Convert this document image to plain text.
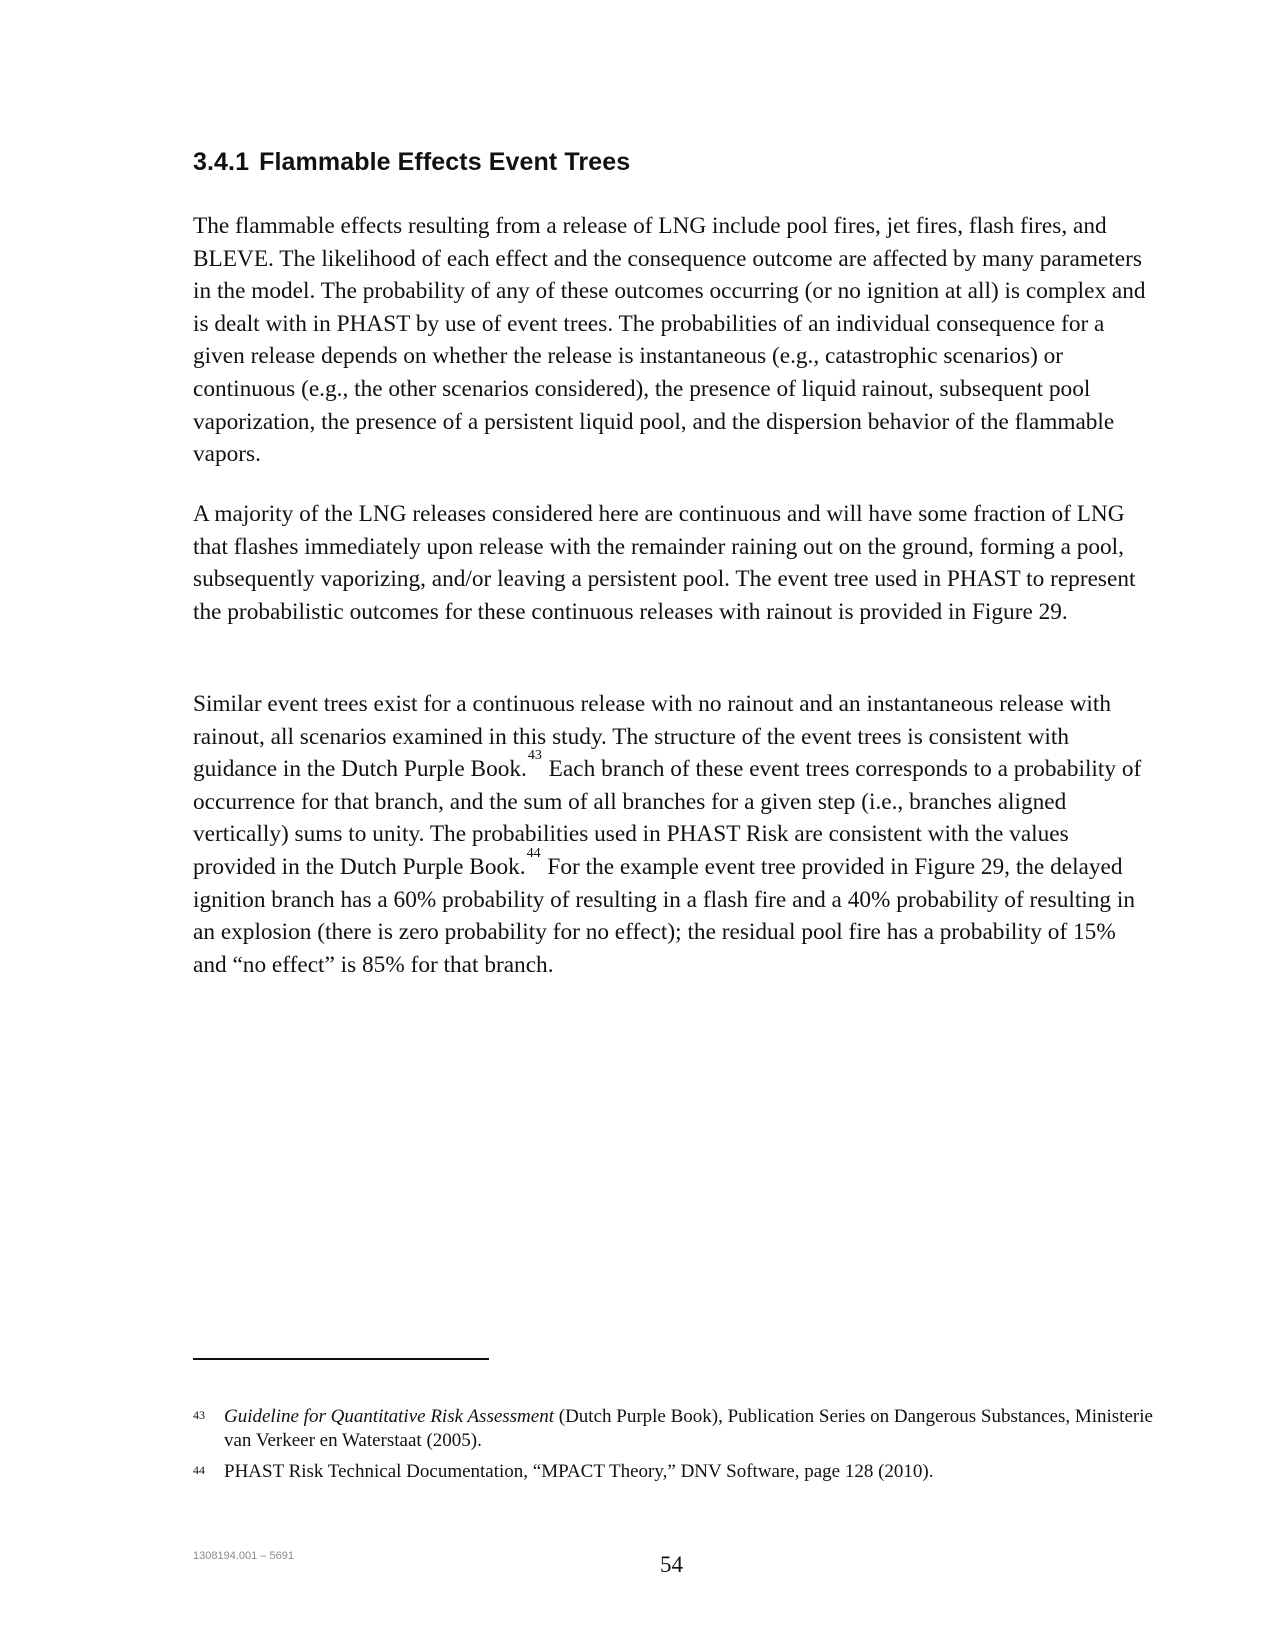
3.4.1 Flammable Effects Event Trees

The flammable effects resulting from a release of LNG include pool fires, jet fires, flash fires, and BLEVE. The likelihood of each effect and the consequence outcome are affected by many parameters in the model. The probability of any of these outcomes occurring (or no ignition at all) is complex and is dealt with in PHAST by use of event trees. The probabilities of an individual consequence for a given release depends on whether the release is instantaneous (e.g., catastrophic scenarios) or continuous (e.g., the other scenarios considered), the presence of liquid rainout, subsequent pool vaporization, the presence of a persistent liquid pool, and the dispersion behavior of the flammable vapors.

A majority of the LNG releases considered here are continuous and will have some fraction of LNG that flashes immediately upon release with the remainder raining out on the ground, forming a pool, subsequently vaporizing, and/or leaving a persistent pool. The event tree used in PHAST to represent the probabilistic outcomes for these continuous releases with rainout is provided in Figure 29.

Similar event trees exist for a continuous release with no rainout and an instantaneous release with rainout, all scenarios examined in this study. The structure of the event trees is consistent with guidance in the Dutch Purple Book.$^{43}$ Each branch of these event trees corresponds to a probability of occurrence for that branch, and the sum of all branches for a given step (i.e., branches aligned vertically) sums to unity. The probabilities used in PHAST Risk are consistent with the values provided in the Dutch Purple Book.$^{44}$ For the example event tree provided in Figure 29, the delayed ignition branch has a 60% probability of resulting in a flash fire and a 40% probability of resulting in an explosion (there is zero probability for no effect); the residual pool fire has a probability of 15% and “no effect” is 85% for that branch.

43 Guideline for Quantitative Risk Assessment (Dutch Purple Book), Publication Series on Dangerous Substances, Ministerie van Verkeer en Waterstaat (2005).

44 PHAST Risk Technical Documentation, “MPACT Theory,” DNV Software, page 128 (2010).

1308194.001 – 5691	54
